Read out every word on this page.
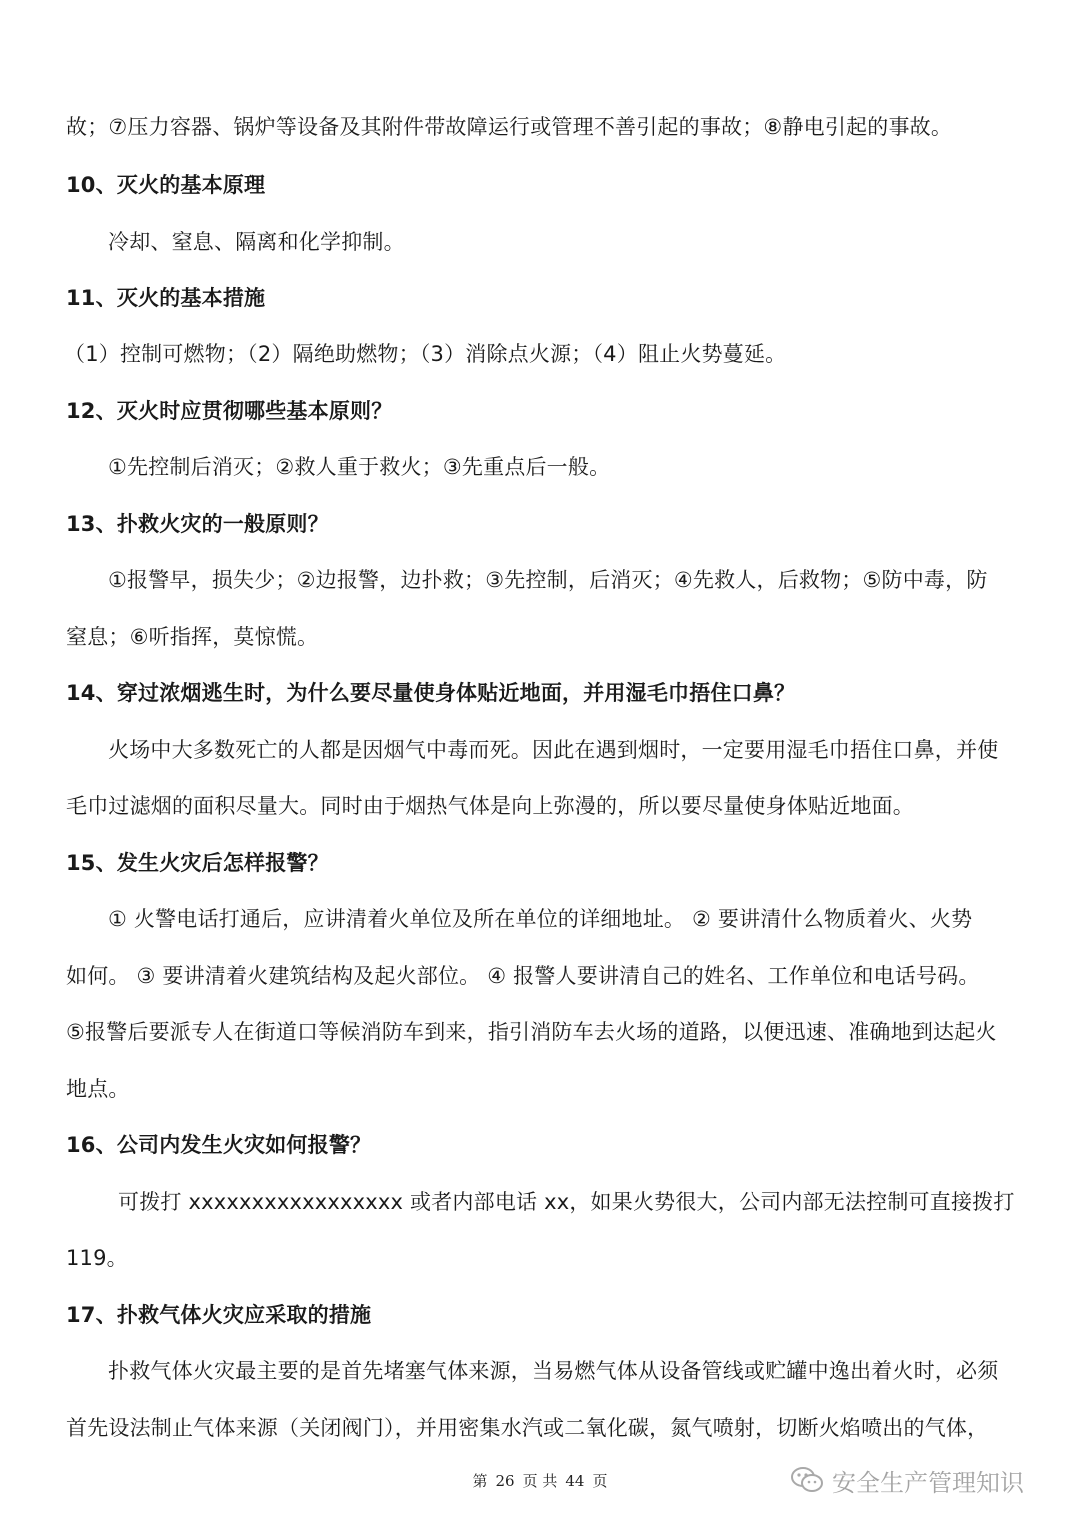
故；⑦压力容器、锅炉等设备及其附件带故障运行或管理不善引起的事故；⑧静电引起的事故。
10、灭火的基本原理
冷却、窒息、隔离和化学抑制。
11、灭火的基本措施
（1）控制可燃物；（2）隔绝助燃物；（3）消除点火源；（4）阻止火势蔓延。
12、灭火时应贯彻哪些基本原则？
①先控制后消灭；②救人重于救火；③先重点后一般。
13、扑救火灾的一般原则？
①报警早，损失少；②边报警，边扑救；③先控制，后消灭；④先救人，后救物；⑤防中毒，防
窒息；⑥听指挥，莫惊慌。
14、穿过浓烟逃生时，为什么要尽量使身体贴近地面，并用湿毛巾捂住口鼻？
火场中大多数死亡的人都是因烟气中毒而死。因此在遇到烟时，一定要用湿毛巾捂住口鼻，并使
毛巾过滤烟的面积尽量大。同时由于烟热气体是向上弥漫的，所以要尽量使身体贴近地面。
15、发生火灾后怎样报警？
① 火警电话打通后，应讲清着火单位及所在单位的详细地址。 ② 要讲清什么物质着火、火势
如何。 ③ 要讲清着火建筑结构及起火部位。 ④ 报警人要讲清自己的姓名、工作单位和电话号码。
⑤报警后要派专人在街道口等候消防车到来，指引消防车去火场的道路，以便迅速、准确地到达起火
地点。
16、公司内发生火灾如何报警？
可拨打 xxxxxxxxxxxxxxxxx 或者内部电话 xx，如果火势很大，公司内部无法控制可直接拨打
119。
17、扑救气体火灾应采取的措施
扑救气体火灾最主要的是首先堵塞气体来源，当易燃气体从设备管线或贮罐中逸出着火时，必须
首先设法制止气体来源（关闭阀门），并用密集水汽或二氧化碳，氮气喷射，切断火焰喷出的气体，
第 26 页 共 44 页	安全生产管理知识
